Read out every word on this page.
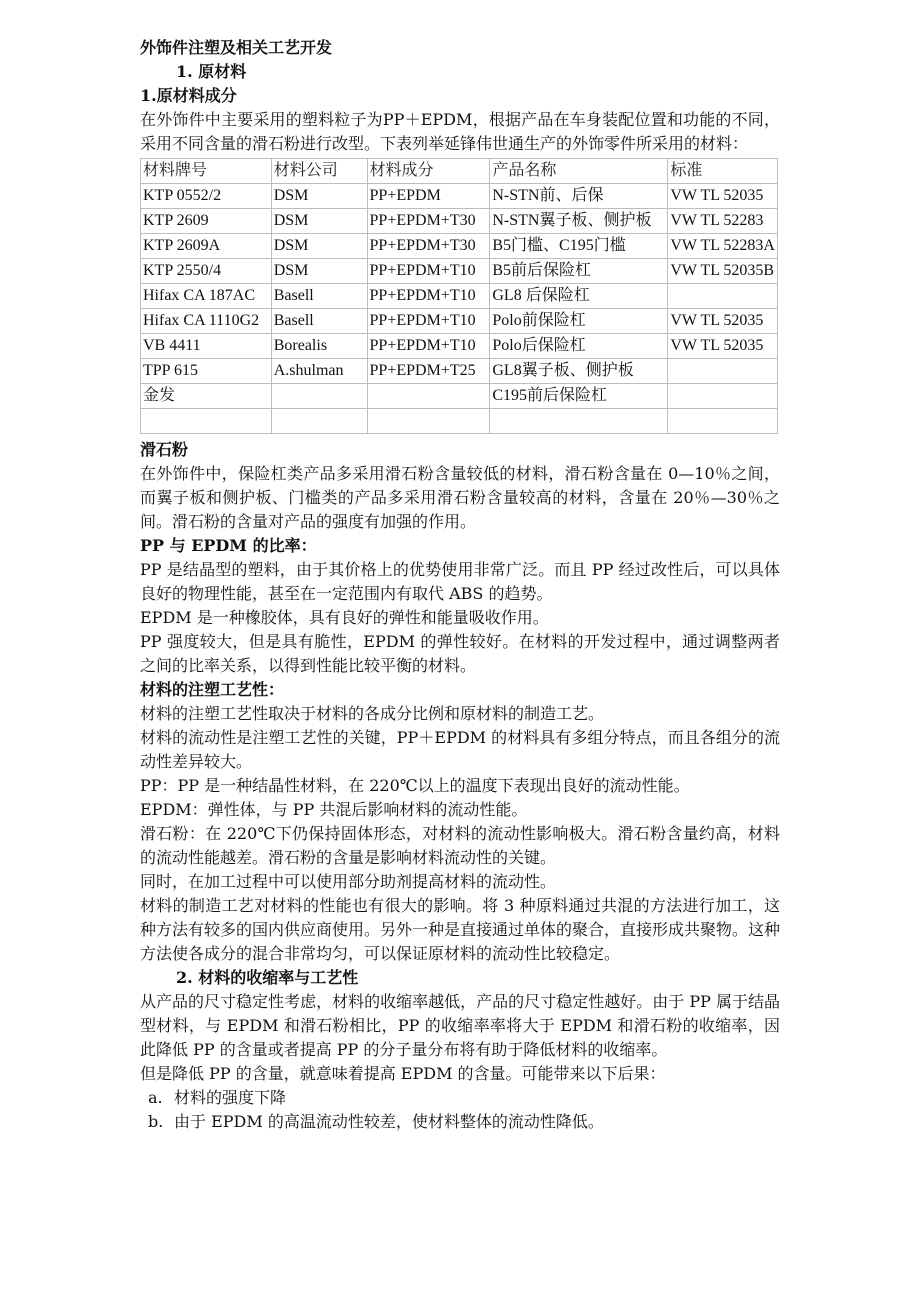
外饰件注塑及相关工艺开发
1. 原材料
1.原材料成分
在外饰件中主要采用的塑料粒子为PP＋EPDM，根据产品在车身装配位置和功能的不同，采用不同含量的滑石粉进行改型。下表列举延锋伟世通生产的外饰零件所采用的材料：
材料牌号	材料公司	材料成分	产品名称	标准
KTP 0552/2	DSM	PP+EPDM	N-STN前、后保	VW TL 52035
KTP 2609	DSM	PP+EPDM+T30	N-STN翼子板、侧护板	VW TL 52283
KTP 2609A	DSM	PP+EPDM+T30	B5门槛、C195门槛	VW TL 52283A
KTP 2550/4	DSM	PP+EPDM+T10	B5前后保险杠	VW TL 52035B
Hifax CA 187AC	Basell	PP+EPDM+T10	GL8 后保险杠	
Hifax CA 1110G2	Basell	PP+EPDM+T10	Polo前保险杠	VW TL 52035
VB 4411	Borealis	PP+EPDM+T10	Polo后保险杠	VW TL 52035
TPP 615	A.shulman	PP+EPDM+T25	GL8翼子板、侧护板	
金发			C195前后保险杠	

滑石粉
在外饰件中，保险杠类产品多采用滑石粉含量较低的材料，滑石粉含量在 0—10％之间，而翼子板和侧护板、门槛类的产品多采用滑石粉含量较高的材料，含量在 20％—30％之间。滑石粉的含量对产品的强度有加强的作用。
PP 与 EPDM 的比率：
PP 是结晶型的塑料，由于其价格上的优势使用非常广泛。而且 PP 经过改性后，可以具体良好的物理性能，甚至在一定范围内有取代 ABS 的趋势。
EPDM 是一种橡胶体，具有良好的弹性和能量吸收作用。
PP 强度较大，但是具有脆性，EPDM 的弹性较好。在材料的开发过程中，通过调整两者之间的比率关系，以得到性能比较平衡的材料。
材料的注塑工艺性：
材料的注塑工艺性取决于材料的各成分比例和原材料的制造工艺。
材料的流动性是注塑工艺性的关键，PP＋EPDM 的材料具有多组分特点，而且各组分的流动性差异较大。
PP：PP 是一种结晶性材料，在 220℃以上的温度下表现出良好的流动性能。
EPDM：弹性体，与 PP 共混后影响材料的流动性能。
滑石粉：在 220℃下仍保持固体形态，对材料的流动性影响极大。滑石粉含量约高，材料的流动性能越差。滑石粉的含量是影响材料流动性的关键。
同时，在加工过程中可以使用部分助剂提高材料的流动性。
材料的制造工艺对材料的性能也有很大的影响。将 3 种原料通过共混的方法进行加工，这种方法有较多的国内供应商使用。另外一种是直接通过单体的聚合，直接形成共聚物。这种方法使各成分的混合非常均匀，可以保证原材料的流动性比较稳定。
2. 材料的收缩率与工艺性
从产品的尺寸稳定性考虑，材料的收缩率越低，产品的尺寸稳定性越好。由于 PP 属于结晶型材料，与 EPDM 和滑石粉相比，PP 的收缩率率将大于 EPDM 和滑石粉的收缩率，因此降低 PP 的含量或者提高 PP 的分子量分布将有助于降低材料的收缩率。
但是降低 PP 的含量，就意味着提高 EPDM 的含量。可能带来以下后果：
a. 材料的强度下降
b. 由于 EPDM 的高温流动性较差，使材料整体的流动性降低。
